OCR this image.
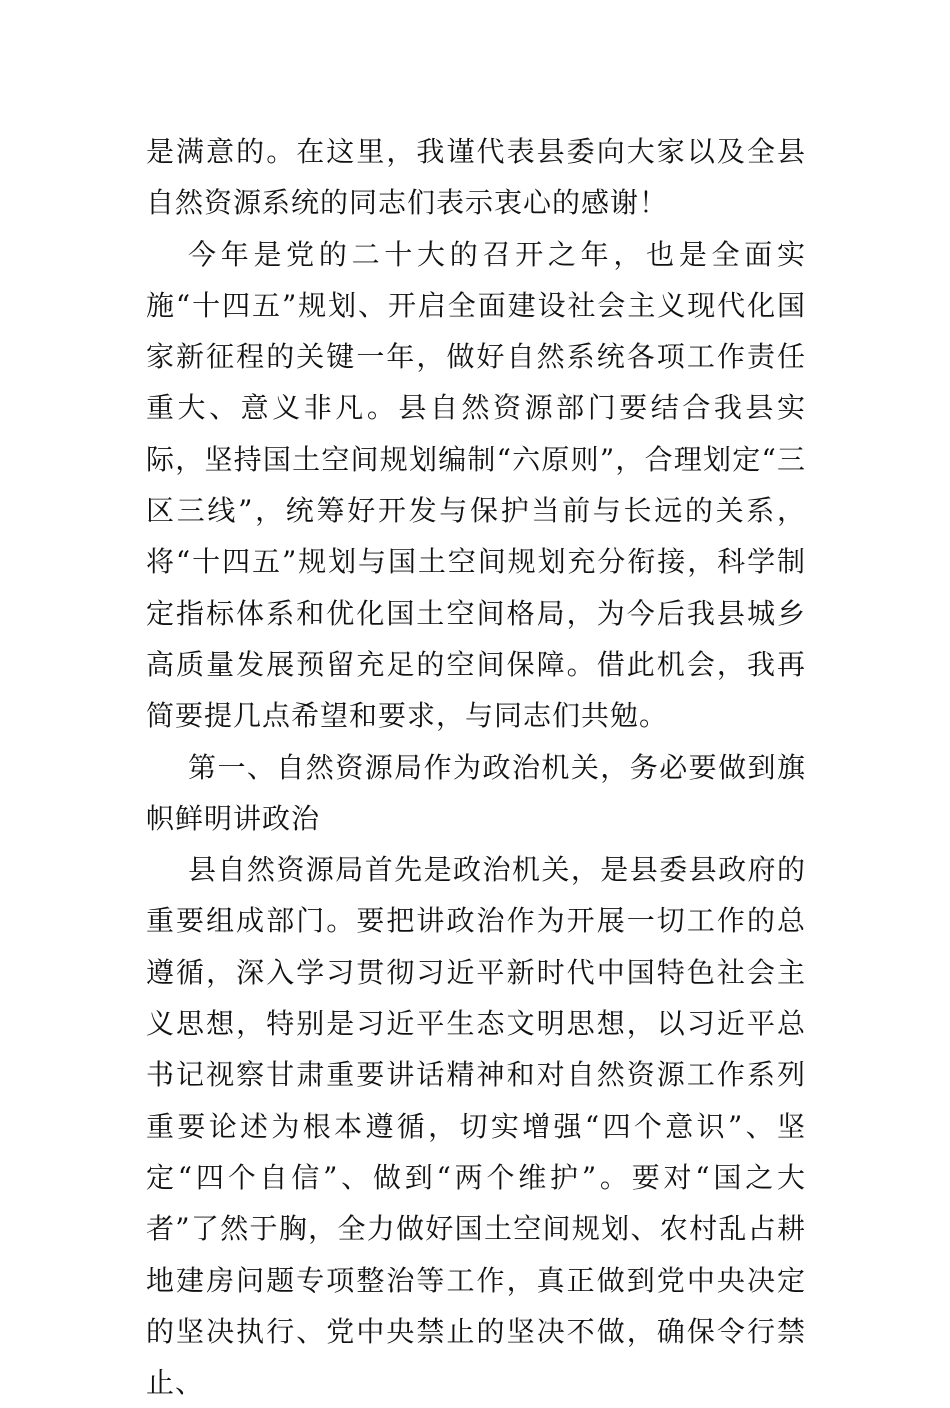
是满意的。在这里，我谨代表县委向大家以及全县自然资源系统的同志们表示衷心的感谢！

今年是党的二十大的召开之年，也是全面实施“十四五”规划、开启全面建设社会主义现代化国家新征程的关键一年，做好自然系统各项工作责任重大、意义非凡。县自然资源部门要结合我县实际，坚持国土空间规划编制“六原则”，合理划定“三区三线”，统筹好开发与保护当前与长远的关系，将“十四五”规划与国土空间规划充分衔接，科学制定指标体系和优化国土空间格局，为今后我县城乡高质量发展预留充足的空间保障。借此机会，我再简要提几点希望和要求，与同志们共勉。

第一、自然资源局作为政治机关，务必要做到旗帜鲜明讲政治

县自然资源局首先是政治机关，是县委县政府的重要组成部门。要把讲政治作为开展一切工作的总遵循，深入学习贯彻习近平新时代中国特色社会主义思想，特别是习近平生态文明思想，以习近平总书记视察甘肃重要讲话精神和对自然资源工作系列重要论述为根本遵循，切实增强“四个意识”、坚定“四个自信”、做到“两个维护”。要对“国之大者”了然于胸，全力做好国土空间规划、农村乱占耕地建房问题专项整治等工作，真正做到党中央决定的坚决执行、党中央禁止的坚决不做，确保令行禁止、
